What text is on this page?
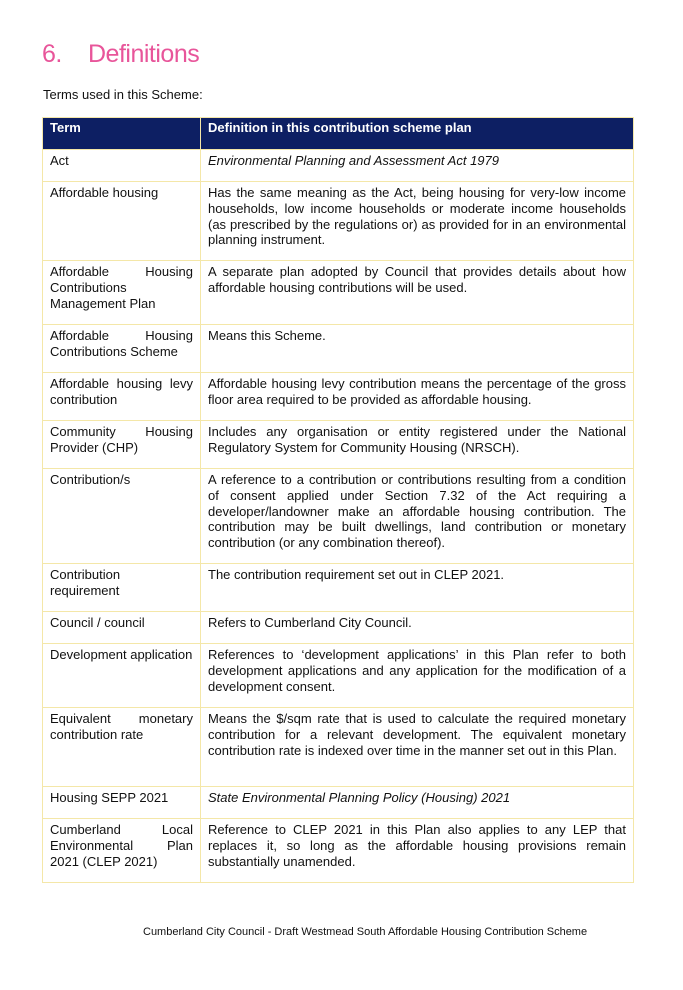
6. Definitions

Terms used in this Scheme:

Term	Definition in this contribution scheme plan
Act	Environmental Planning and Assessment Act 1979
Affordable housing	Has the same meaning as the Act, being housing for very-low income households, low income households or moderate income households (as prescribed by the regulations or) as provided for in an environmental planning instrument.
Affordable Housing Contributions Management Plan	A separate plan adopted by Council that provides details about how affordable housing contributions will be used.
Affordable Housing Contributions Scheme	Means this Scheme.
Affordable housing levy contribution	Affordable housing levy contribution means the percentage of the gross floor area required to be provided as affordable housing.
Community Housing Provider (CHP)	Includes any organisation or entity registered under the National Regulatory System for Community Housing (NRSCH).
Contribution/s	A reference to a contribution or contributions resulting from a condition of consent applied under Section 7.32 of the Act requiring a developer/landowner make an affordable housing contribution. The contribution may be built dwellings, land contribution or monetary contribution (or any combination thereof).
Contribution requirement	The contribution requirement set out in CLEP 2021.
Council / council	Refers to Cumberland City Council.
Development application	References to ‘development applications’ in this Plan refer to both development applications and any application for the modification of a development consent.
Equivalent monetary contribution rate	Means the $/sqm rate that is used to calculate the required monetary contribution for a relevant development. The equivalent monetary contribution rate is indexed over time in the manner set out in this Plan.
Housing SEPP 2021	State Environmental Planning Policy (Housing) 2021
Cumberland Local Environmental Plan 2021 (CLEP 2021)	Reference to CLEP 2021 in this Plan also applies to any LEP that replaces it, so long as the affordable housing provisions remain substantially unamended.

Cumberland City Council - Draft Westmead South Affordable Housing Contribution Scheme
